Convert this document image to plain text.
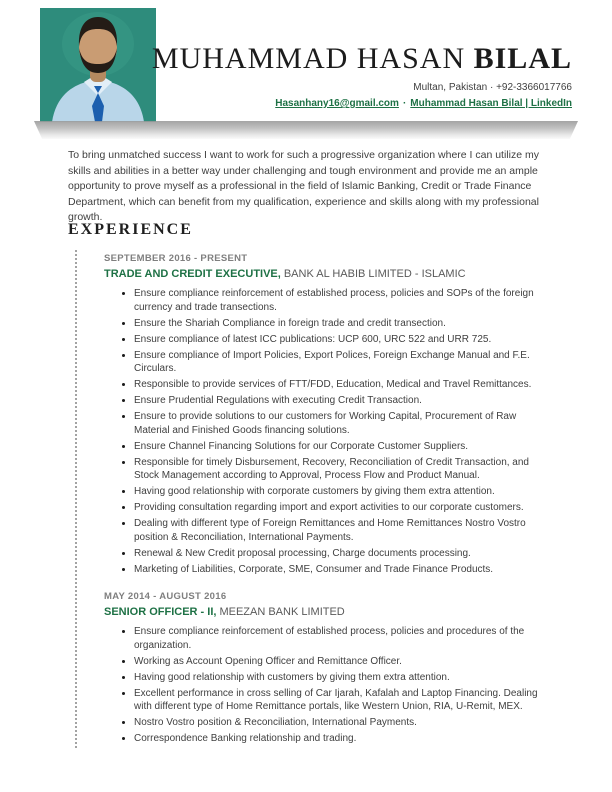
MUHAMMAD HASAN BILAL
Multan, Pakistan · +92-3366017766
Hasanhany16@gmail.com · Muhammad Hasan Bilal | LinkedIn

To bring unmatched success I want to work for such a progressive organization where I can utilize my skills and abilities in a better way under challenging and tough environment and provide me an ample opportunity to prove myself as a professional in the field of Islamic Banking, Credit or Trade Finance Department, which can benefit from my qualification, experience and skills along with my professional growth.

EXPERIENCE
SEPTEMBER 2016 - PRESENT
TRADE AND CREDIT EXECUTIVE, BANK AL HABIB LIMITED - ISLAMIC
• Ensure compliance reinforcement of established process, policies and SOPs of the foreign currency and trade transections.
• Ensure the Shariah Compliance in foreign trade and credit transection.
• Ensure compliance of latest ICC publications: UCP 600, URC 522 and URR 725.
• Ensure compliance of Import Policies, Export Polices, Foreign Exchange Manual and F.E. Circulars.
• Responsible to provide services of FTT/FDD, Education, Medical and Travel Remittances.
• Ensure Prudential Regulations with executing Credit Transaction.
• Ensure to provide solutions to our customers for Working Capital, Procurement of Raw Material and Finished Goods financing solutions.
• Ensure Channel Financing Solutions for our Corporate Customer Suppliers.
• Responsible for timely Disbursement, Recovery, Reconciliation of Credit Transaction, and Stock Management according to Approval, Process Flow and Product Manual.
• Having good relationship with corporate customers by giving them extra attention.
• Providing consultation regarding import and export activities to our corporate customers.
• Dealing with different type of Foreign Remittances and Home Remittances Nostro Vostro position & Reconciliation, International Payments.
• Renewal & New Credit proposal processing, Charge documents processing.
• Marketing of Liabilities, Corporate, SME, Consumer and Trade Finance Products.
MAY 2014 - AUGUST 2016
SENIOR OFFICER - II, MEEZAN BANK LIMITED
• Ensure compliance reinforcement of established process, policies and procedures of the organization.
• Working as Account Opening Officer and Remittance Officer.
• Having good relationship with customers by giving them extra attention.
• Excellent performance in cross selling of Car Ijarah, Kafalah and Laptop Financing. Dealing with different type of Home Remittance portals, like Western Union, RIA, U-Remit, MEX.
• Nostro Vostro position & Reconciliation, International Payments.
• Correspondence Banking relationship and trading.
